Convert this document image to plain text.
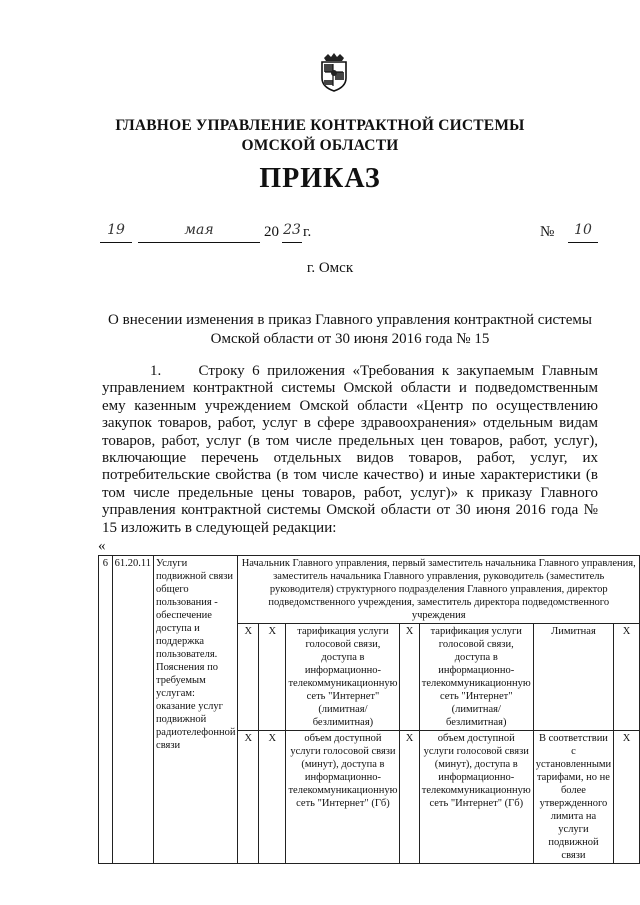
ГЛАВНОЕ УПРАВЛЕНИЕ КОНТРАКТНОЙ СИСТЕМЫ
ОМСКОЙ ОБЛАСТИ
ПРИКАЗ
19	мая	20 23 г.	№	10
г. Омск
О внесении изменения в приказ Главного управления контрактной системы
Омской области от 30 июня 2016 года № 15

1.     Строку 6 приложения «Требования к закупаемым Главным управлением контрактной системы Омской области и подведомственным ему казенным учреждением Омской области «Центр по осуществлению закупок товаров, работ, услуг в сфере здравоохранения» отдельным видам товаров, работ, услуг (в том числе предельных цен товаров, работ, услуг), включающие перечень отдельных видов товаров, работ, услуг, их потребительские свойства (в том числе качество) и иные характеристики (в том числе предельные цены товаров, работ, услуг)» к приказу Главного управления контрактной системы Омской области от 30 июня 2016 года № 15 изложить в следующей редакции:

«
6	61.20.11	Услуги подвижной связи общего пользования - обеспечение доступа и поддержка пользователя. Пояснения по требуемым услугам: оказание услуг подвижной радиотелефонной связи	Начальник Главного управления, первый заместитель начальника Главного управления, заместитель начальника Главного управления, руководитель (заместитель руководителя) структурного подразделения Главного управления, директор подведомственного учреждения, заместитель директора подведомственного учреждения						
			X	X	тарификация услуги голосовой связи, доступа в информационно-телекоммуникационную сеть "Интернет" (лимитная/безлимитная)	X	тарификация услуги голосовой связи, доступа в информационно-телекоммуникационную сеть "Интернет" (лимитная/безлимитная)	Лимитная	X
			X	X	объем доступной услуги голосовой связи (минут), доступа в информационно-телекоммуникационную сеть "Интернет" (Гб)	X	объем доступной услуги голосовой связи (минут), доступа в информационно-телекоммуникационную сеть "Интернет" (Гб)	В соответствии с установленными тарифами, но не более утвержденного лимита на услуги подвижной связи	X
